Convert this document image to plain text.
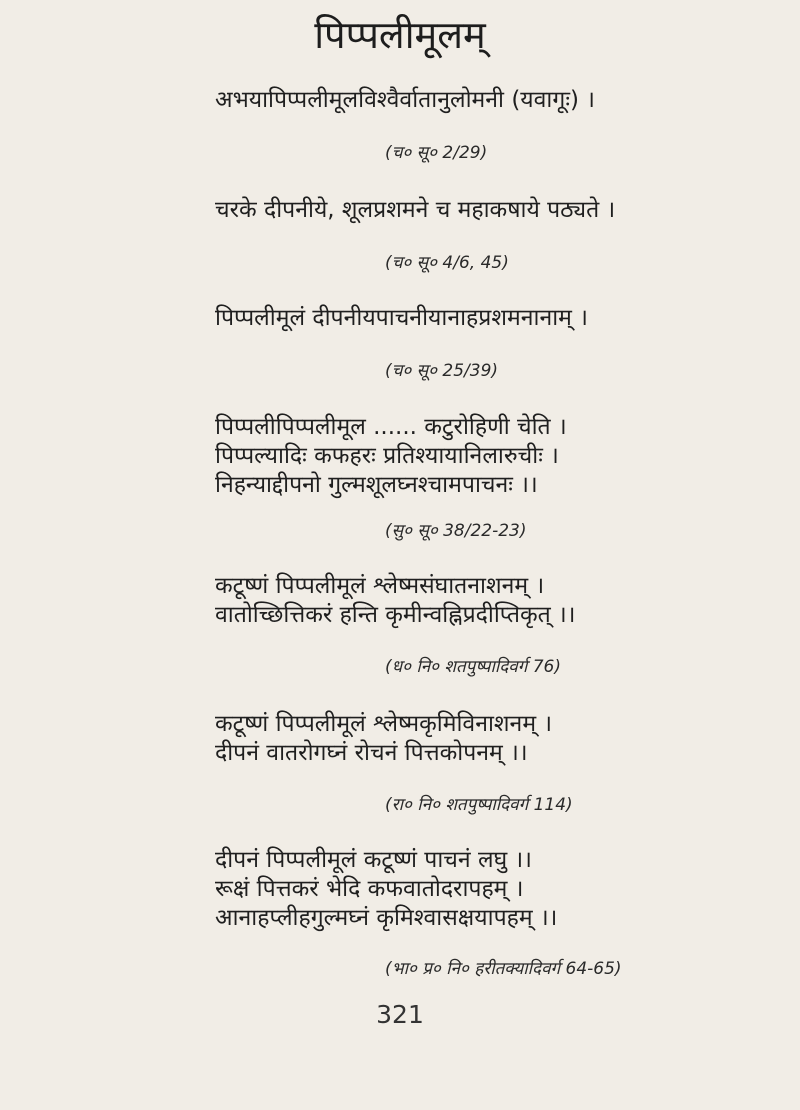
पिप्पलीमूलम्
अभयापिप्पलीमूलविश्वैर्वातानुलोमनी (यवागूः) ।
(च० सू० 2/29)
चरके दीपनीये, शूलप्रशमने च महाकषाये पठ्यते ।
(च० सू० 4/6, 45)
पिप्पलीमूलं दीपनीयपाचनीयानाहप्रशमनानाम् ।
(च० सू० 25/39)
पिप्पलीपिप्पलीमूल ...... कटुरोहिणी चेति ।
पिप्पल्यादिः कफहरः प्रतिश्यायानिलारुचीः ।
निहन्याद्दीपनो गुल्मशूलघ्नश्चामपाचनः ।।
(सु० सू० 38/22-23)
कटूष्णं पिप्पलीमूलं श्लेष्मसंघातनाशनम् ।
वातोच्छित्तिकरं हन्ति कृमीन्वह्निप्रदीप्तिकृत् ।।
(ध० नि० शतपुष्पादिवर्ग 76)
कटूष्णं पिप्पलीमूलं श्लेष्मकृमिविनाशनम् ।
दीपनं वातरोगघ्नं रोचनं पित्तकोपनम् ।।
(रा० नि० शतपुष्पादिवर्ग 114)
दीपनं पिप्पलीमूलं कटूष्णं पाचनं लघु ।।
रूक्षं पित्तकरं भेदि कफवातोदरापहम् ।
आनाहप्लीहगुल्मघ्नं कृमिश्वासक्षयापहम् ।।
(भा० प्र० नि० हरीतक्यादिवर्ग 64-65)
321
